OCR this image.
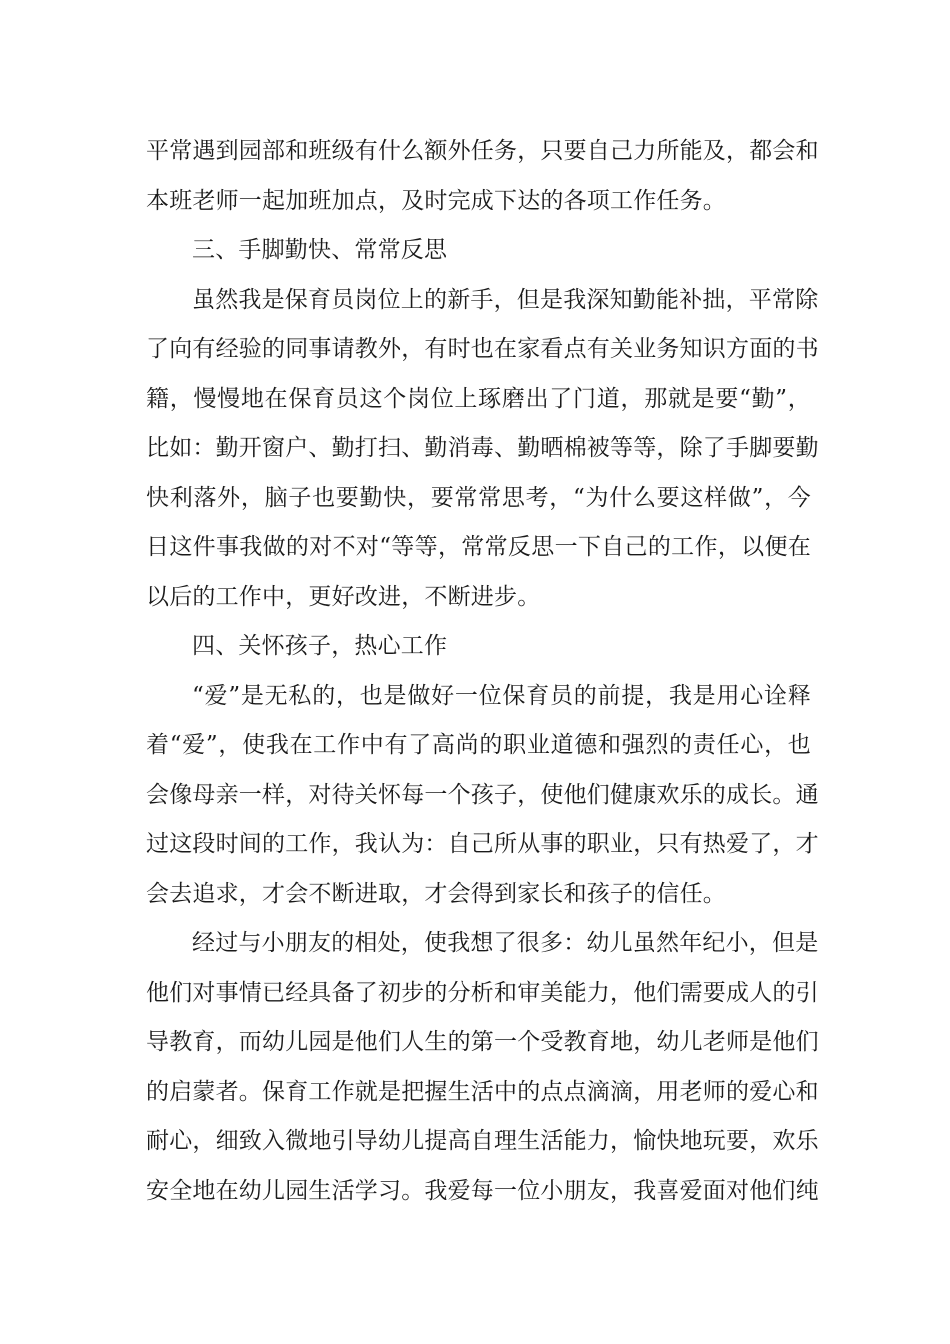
平常遇到园部和班级有什么额外任务，只要自己力所能及，都会和
本班老师一起加班加点，及时完成下达的各项工作任务。
三、手脚勤快、常常反思
虽然我是保育员岗位上的新手，但是我深知勤能补拙，平常除
了向有经验的同事请教外，有时也在家看点有关业务知识方面的书
籍，慢慢地在保育员这个岗位上琢磨出了门道，那就是要“勤”，
比如：勤开窗户、勤打扫、勤消毒、勤晒棉被等等，除了手脚要勤
快利落外，脑子也要勤快，要常常思考，“为什么要这样做”，今
日这件事我做的对不对“等等，常常反思一下自己的工作，以便在
以后的工作中，更好改进，不断进步。
四、关怀孩子，热心工作
“爱”是无私的，也是做好一位保育员的前提，我是用心诠释
着“爱”，使我在工作中有了高尚的职业道德和强烈的责任心，也
会像母亲一样，对待关怀每一个孩子，使他们健康欢乐的成长。通
过这段时间的工作，我认为：自己所从事的职业，只有热爱了，才
会去追求，才会不断进取，才会得到家长和孩子的信任。
经过与小朋友的相处，使我想了很多：幼儿虽然年纪小，但是
他们对事情已经具备了初步的分析和审美能力，他们需要成人的引
导教育，而幼儿园是他们人生的第一个受教育地，幼儿老师是他们
的启蒙者。保育工作就是把握生活中的点点滴滴，用老师的爱心和
耐心，细致入微地引导幼儿提高自理生活能力，愉快地玩要，欢乐
安全地在幼儿园生活学习。我爱每一位小朋友，我喜爱面对他们纯
